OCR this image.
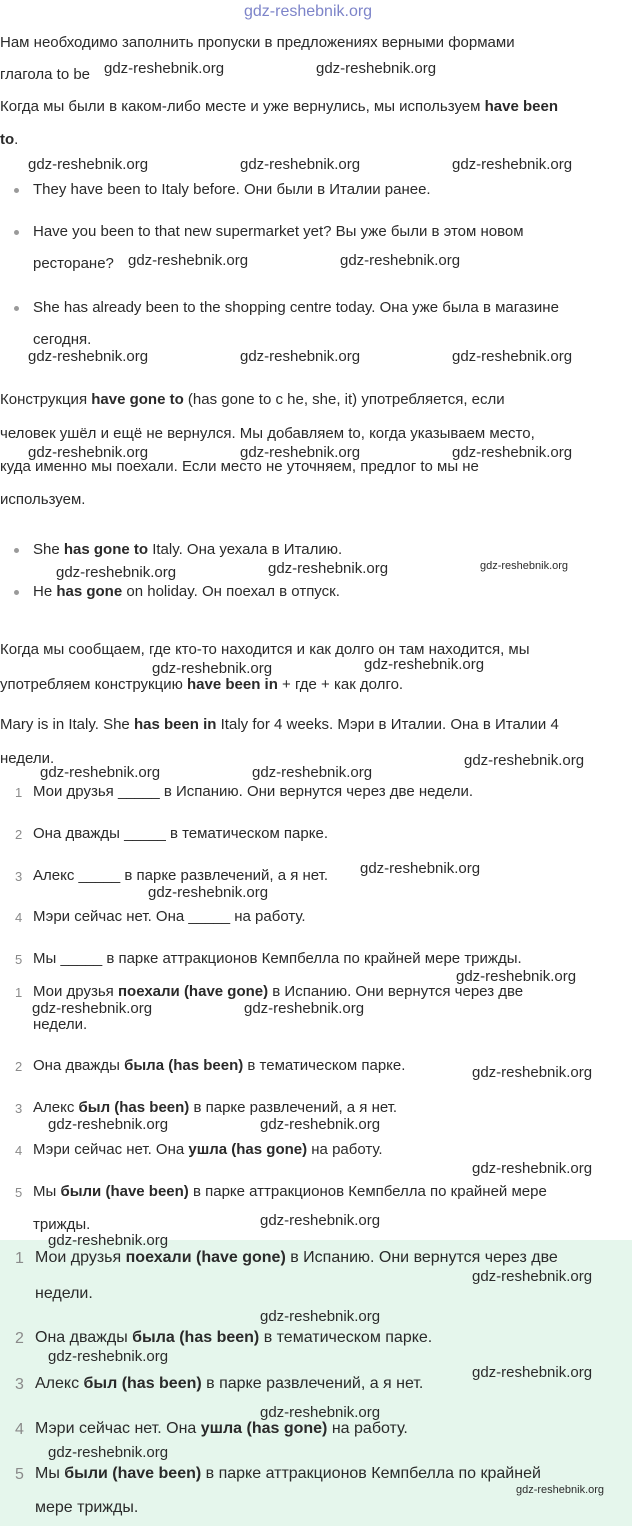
gdz-reshebnik.org
Нам необходимо заполнить пропуски в предложениях верными формами
глагола to be
Когда мы были в каком-либо месте и уже вернулись, мы используем have been
to.
They have been to Italy before. Они были в Италии ранее.
Have you been to that new supermarket yet? Вы уже были в этом новом
ресторане?
She has already been to the shopping centre today. Она уже была в магазине
сегодня.
Конструкция have gone to (has gone to с he, she, it) употребляется, если
человек ушёл и ещё не вернулся. Мы добавляем to, когда указываем место,
куда именно мы поехали. Если место не уточняем, предлог to мы не
используем.
She has gone to Italy. Она уехала в Италию.
He has gone on holiday. Он поехал в отпуск.
Когда мы сообщаем, где кто-то находится и как долго он там находится, мы
употребляем конструкцию have been in + где + как долго.
Mary is in Italy. She has been in Italy for 4 weeks. Мэри в Италии. Она в Италии 4
недели.
1 Мои друзья _____ в Испанию. Они вернутся через две недели.
2 Она дважды _____ в тематическом парке.
3 Алекс _____ в парке развлечений, а я нет.
4 Мэри сейчас нет. Она _____ на работу.
5 Мы _____ в парке аттракционов Кемпбелла по крайней мере трижды.
1 Мои друзья поехали (have gone) в Испанию. Они вернутся через две
недели.
2 Она дважды была (has been) в тематическом парке.
3 Алекс был (has been) в парке развлечений, а я нет.
4 Мэри сейчас нет. Она ушла (has gone) на работу.
5 Мы были (have been) в парке аттракционов Кемпбелла по крайней мере
трижды.
1 Мои друзья поехали (have gone) в Испанию. Они вернутся через две
недели.
2 Она дважды была (has been) в тематическом парке.
3 Алекс был (has been) в парке развлечений, а я нет.
4 Мэри сейчас нет. Она ушла (has gone) на работу.
5 Мы были (have been) в парке аттракционов Кемпбелла по крайней
мере трижды.
gdz-reshebnik.org	gdz-reshebnik.org
gdz-reshebnik.org	gdz-reshebnik.org	gdz-reshebnik.org
gdz-reshebnik.org	gdz-reshebnik.org
gdz-reshebnik.org	gdz-reshebnik.org	gdz-reshebnik.org
gdz-reshebnik.org	gdz-reshebnik.org	gdz-reshebnik.org
gdz-reshebnik.org	gdz-reshebnik.org	gdz-reshebnik.org
gdz-reshebnik.org	gdz-reshebnik.org
gdz-reshebnik.org	gdz-reshebnik.org
gdz-reshebnik.org
gdz-reshebnik.org
gdz-reshebnik.org
gdz-reshebnik.org
gdz-reshebnik.org	gdz-reshebnik.org
gdz-reshebnik.org
gdz-reshebnik.org	gdz-reshebnik.org
gdz-reshebnik.org
gdz-reshebnik.org
gdz-reshebnik.org
gdz-reshebnik.org
gdz-reshebnik.org
gdz-reshebnik.org
gdz-reshebnik.org
gdz-reshebnik.org
gdz-reshebnik.org
gdz-reshebnik.org
